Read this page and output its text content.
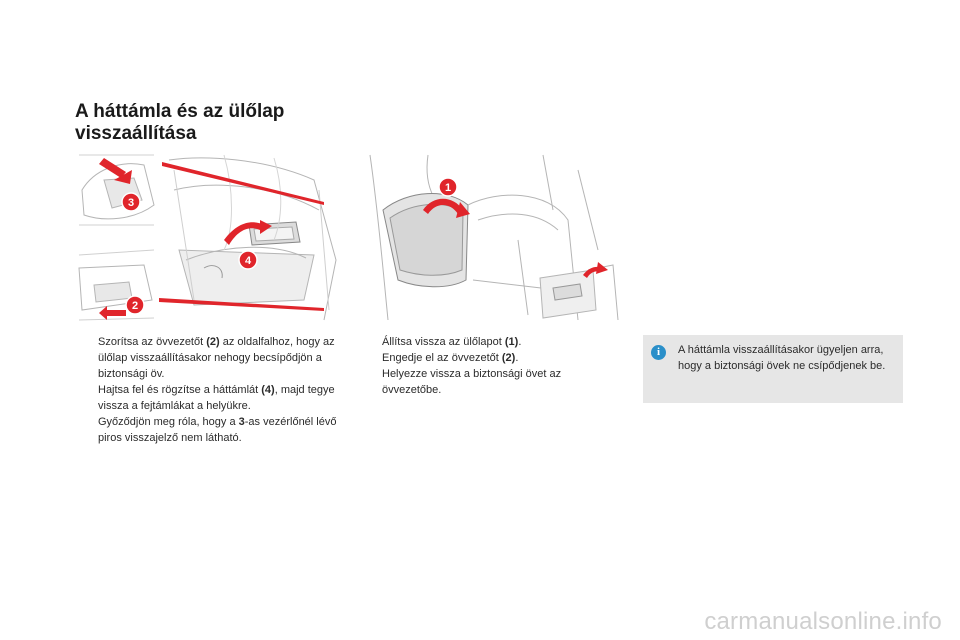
A háttámla és az ülőlap visszaállítása
3
4
2
1
Szorítsa az övvezetőt (2) az oldalfalhoz, hogy az ülőlap visszaállításakor nehogy becsípődjön a biztonsági öv.
Hajtsa fel és rögzítse a háttámlát (4), majd tegye vissza a fejtámlákat a helyükre.
Győződjön meg róla, hogy a 3-as vezérlőnél lévő piros visszajelző nem látható.
Állítsa vissza az ülőlapot (1).
Engedje el az övvezetőt (2).
Helyezze vissza a biztonsági övet az övvezetőbe.
i	A háttámla visszaállításakor ügyeljen arra, hogy a biztonsági övek ne csípődjenek be.
carmanualsonline.info
